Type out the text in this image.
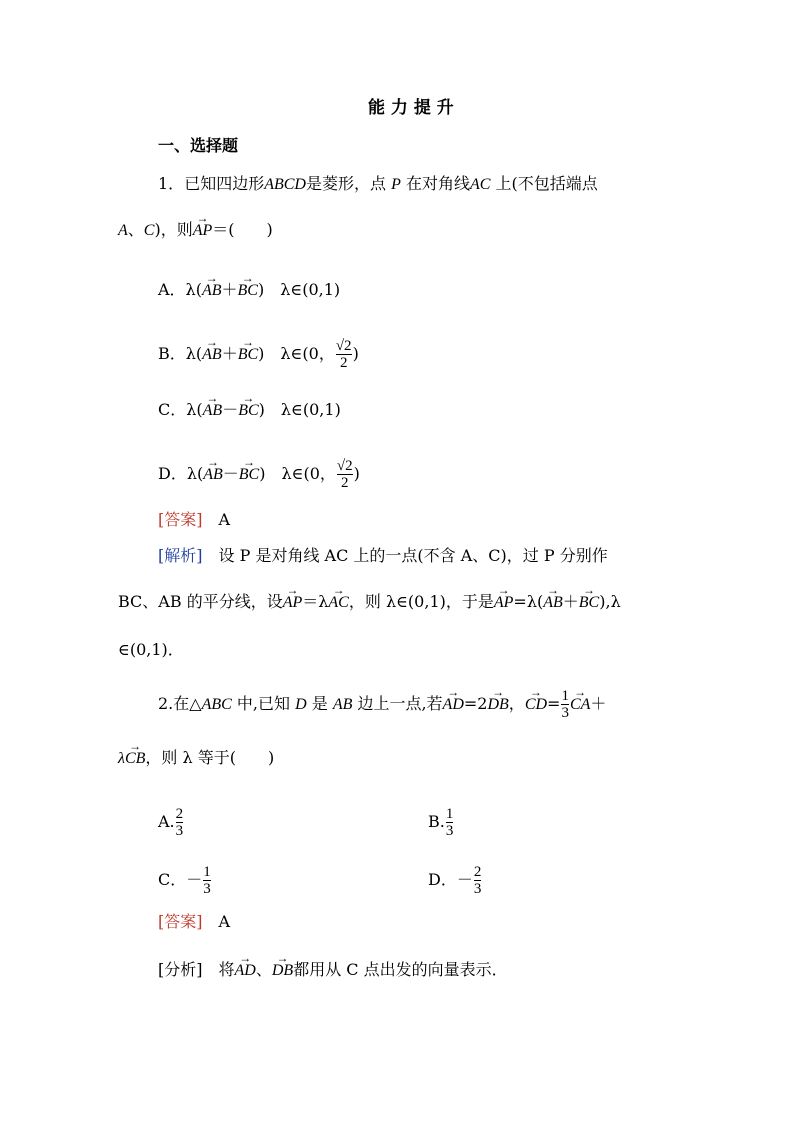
能 力 提 升
一、选择题
1．已知四边形ABCD是菱形，点 P 在对角线AC 上(不包括端点
A、C)，则→ AP＝(　　)
A．λ(→ AB＋→ BC)　λ∈(0,1)
B．λ(→ AB＋→ BC)　λ∈(0， $\frac{√2}{2}$ )
C．λ(→ AB－→ BC)　λ∈(0,1)
D．λ(→ AB－→ BC)　λ∈(0， $\frac{√2}{2}$ )
[答案]　 A
[解析]　 设 P 是对角线 AC 上的一点(不含 A、C)，过 P 分别作
BC、AB 的平分线，设→ AP＝λ→ AC，则 λ∈(0,1)，于是→ AP=λ(→ AB＋→ BC),λ
∈(0,1)．
2.在△ABC 中,已知 D 是 AB 边上一点,若→ AD=2→ DB，→ $CD= \frac{1}{3}$
→ CA＋
λ→ CB，则 λ 等于(　　)
A. $\frac{2}{3}$	B. $\frac{1}{3}$
C．－ $\frac{1}{3}$	D．－ $\frac{2}{3}$
[答案]　 A
[分析]　 将→ AD、→ DB都用从 C 点出发的向量表示．
